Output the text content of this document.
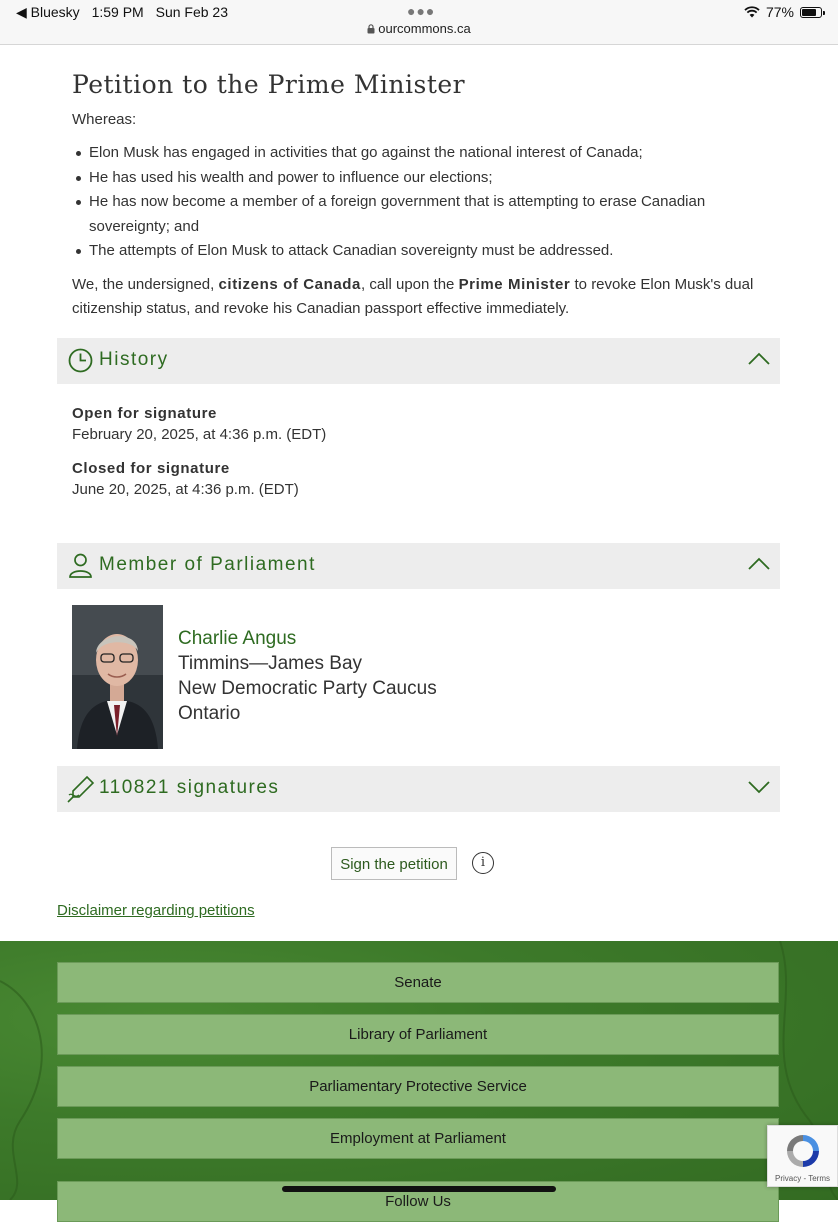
◀ Bluesky 1:59 PM Sun Feb 23	●●●
ourcommons.ca
77%
Petition to the Prime Minister
Whereas:
Elon Musk has engaged in activities that go against the national interest of Canada;
He has used his wealth and power to influence our elections;
He has now become a member of a foreign government that is attempting to erase Canadian sovereignty; and
The attempts of Elon Musk to attack Canadian sovereignty must be addressed.

We, the undersigned, citizens of Canada, call upon the Prime Minister to revoke Elon Musk's dual citizenship status, and revoke his Canadian passport effective immediately.

History
Open for signature
February 20, 2025, at 4:36 p.m. (EDT)
Closed for signature
June 20, 2025, at 4:36 p.m. (EDT)
Member of Parliament
Charlie Angus
Timmins—James Bay
New Democratic Party Caucus
Ontario
110821 signatures
Sign the petition	i
Disclaimer regarding petitions
Senate
Library of Parliament
Parliamentary Protective Service
Employment at Parliament
Follow Us
Privacy - Terms
